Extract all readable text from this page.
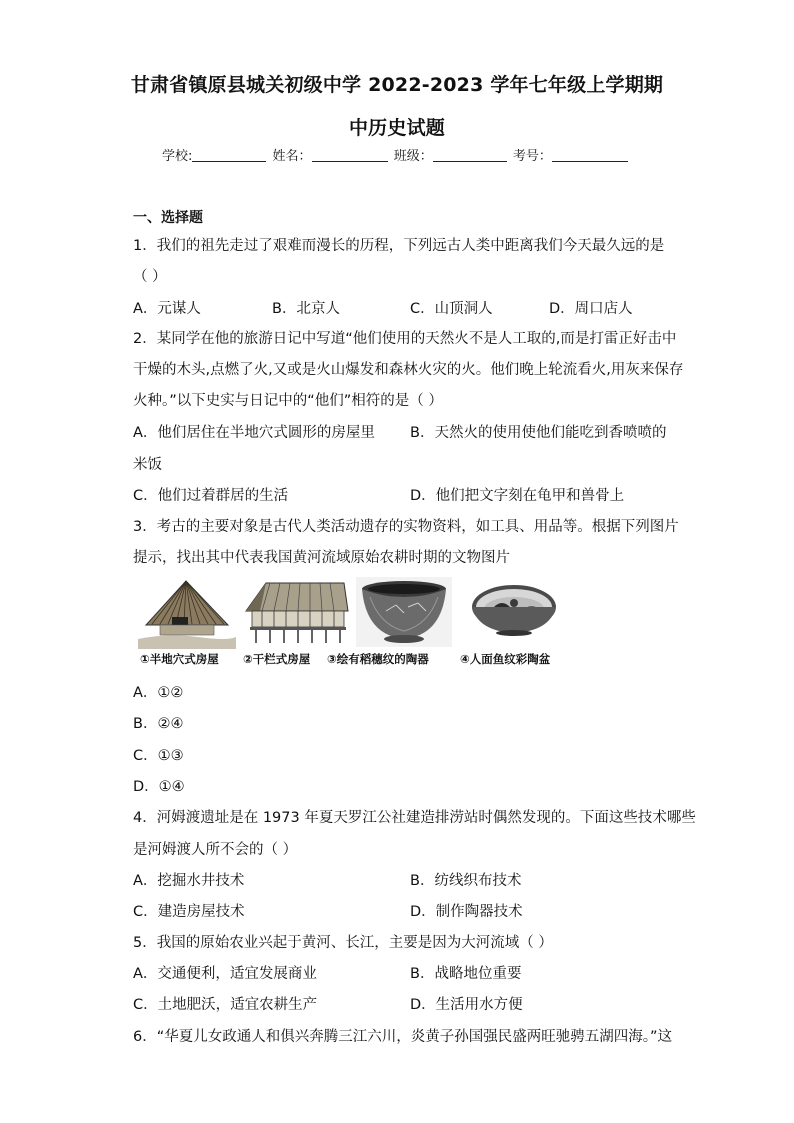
甘肃省镇原县城关初级中学 2022-2023 学年七年级上学期期
中历史试题
学校:	姓名：	班级：	考号：
一、选择题
1．我们的祖先走过了艰难而漫长的历程，下列远古人类中距离我们今天最久远的是
（ ）
A．元谋人	B．北京人	C．山顶洞人	D．周口店人
2．某同学在他的旅游日记中写道“他们使用的天然火不是人工取的,而是打雷正好击中
干燥的木头,点燃了火,又或是火山爆发和森林火灾的火。他们晚上轮流看火,用灰来保存
火种。”以下史实与日记中的“他们”相符的是（ ）
A．他们居住在半地穴式圆形的房屋里 B．天然火的使用使他们能吃到香喷喷的
米饭
C．他们过着群居的生活	D．他们把文字刻在龟甲和兽骨上
3．考古的主要对象是古代人类活动遗存的实物资料，如工具、用品等。根据下列图片
提示，找出其中代表我国黄河流域原始农耕时期的文物图片
①半地穴式房屋 ②干栏式房屋 ③绘有稻穗纹的陶器	④人面鱼纹彩陶盆
A．①②
B．②④
C．①③
D．①④
4．河姆渡遗址是在 1973 年夏天罗江公社建造排涝站时偶然发现的。下面这些技术哪些
是河姆渡人所不会的（ ）
A．挖掘水井技术	B．纺线织布技术
C．建造房屋技术	D．制作陶器技术
5．我国的原始农业兴起于黄河、长江，主要是因为大河流域（ ）
A．交通便利，适宜发展商业	B．战略地位重要
C．土地肥沃，适宜农耕生产	D．生活用水方便
6．“华夏儿女政通人和俱兴奔腾三江六川，炎黄子孙国强民盛两旺驰骋五湖四海。”这
